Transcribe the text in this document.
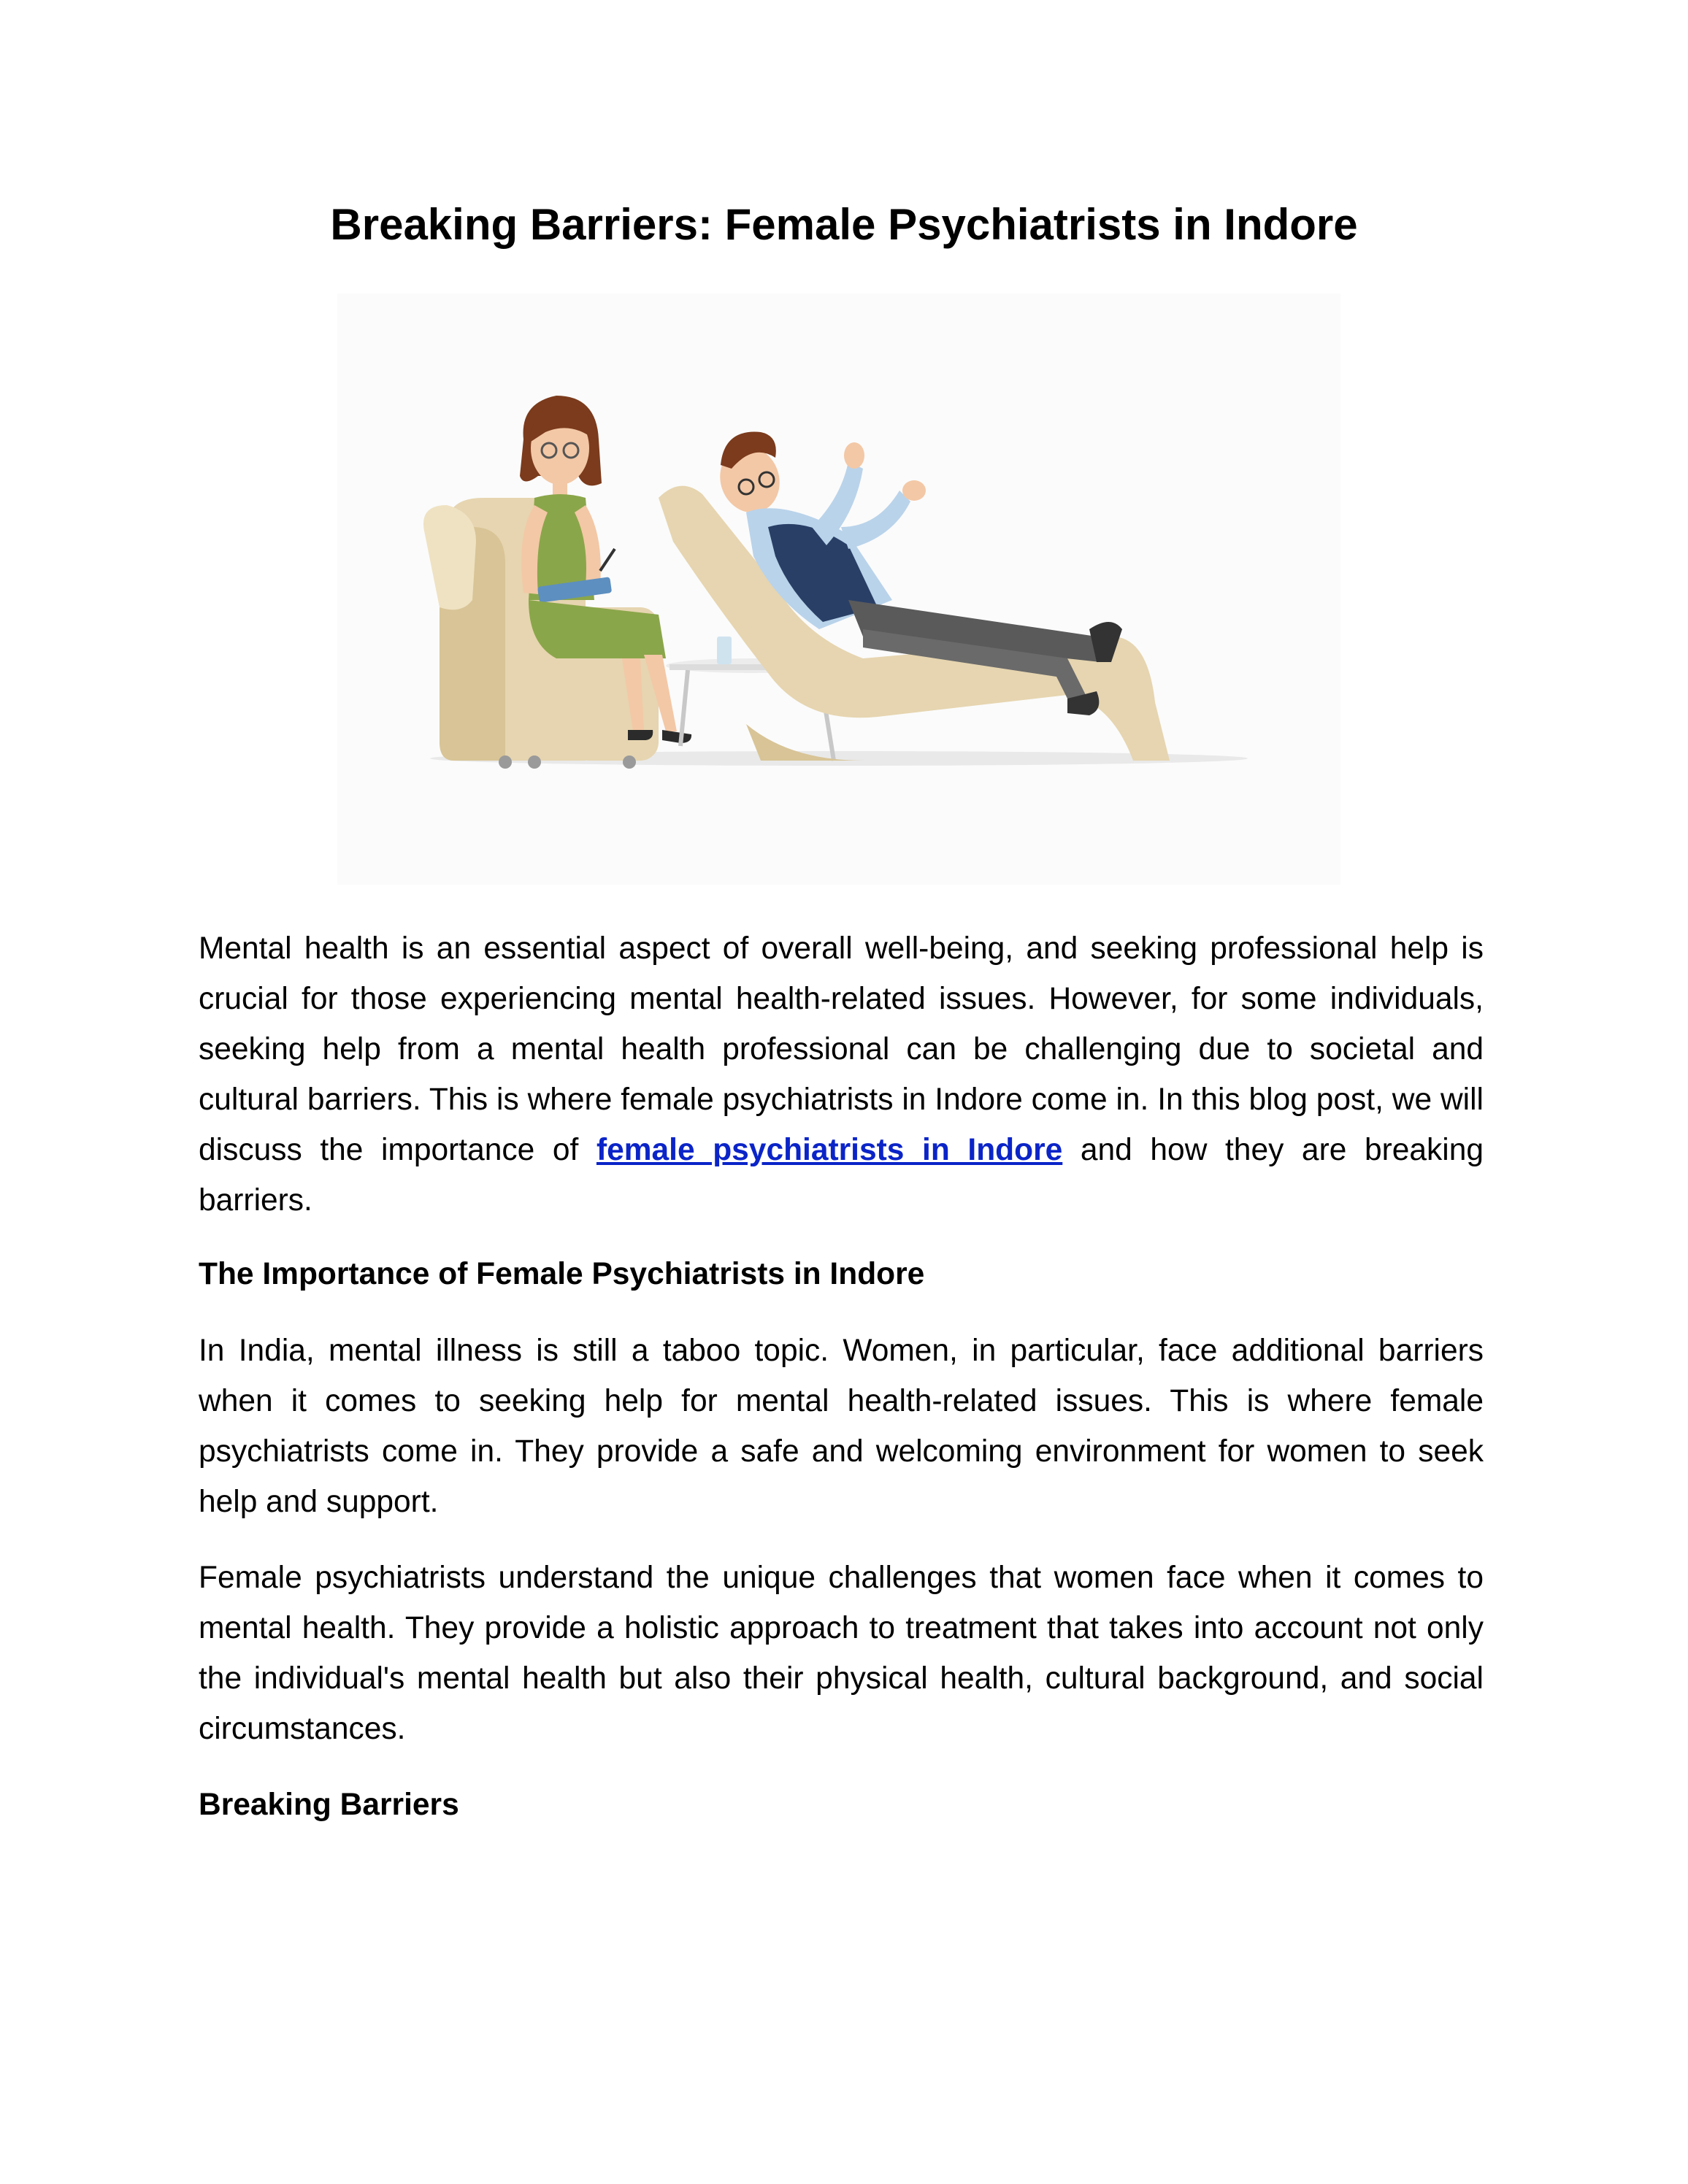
Breaking Barriers: Female Psychiatrists in Indore

Mental health is an essential aspect of overall well-being, and seeking professional help is crucial for those experiencing mental health-related issues. However, for some individuals, seeking help from a mental health professional can be challenging due to societal and cultural barriers. This is where female psychiatrists in Indore come in. In this blog post, we will discuss the importance of female psychiatrists in Indore and how they are breaking barriers.

The Importance of Female Psychiatrists in Indore

In India, mental illness is still a taboo topic. Women, in particular, face additional barriers when it comes to seeking help for mental health-related issues. This is where female psychiatrists come in. They provide a safe and welcoming environment for women to seek help and support.

Female psychiatrists understand the unique challenges that women face when it comes to mental health. They provide a holistic approach to treatment that takes into account not only the individual's mental health but also their physical health, cultural background, and social circumstances.

Breaking Barriers
